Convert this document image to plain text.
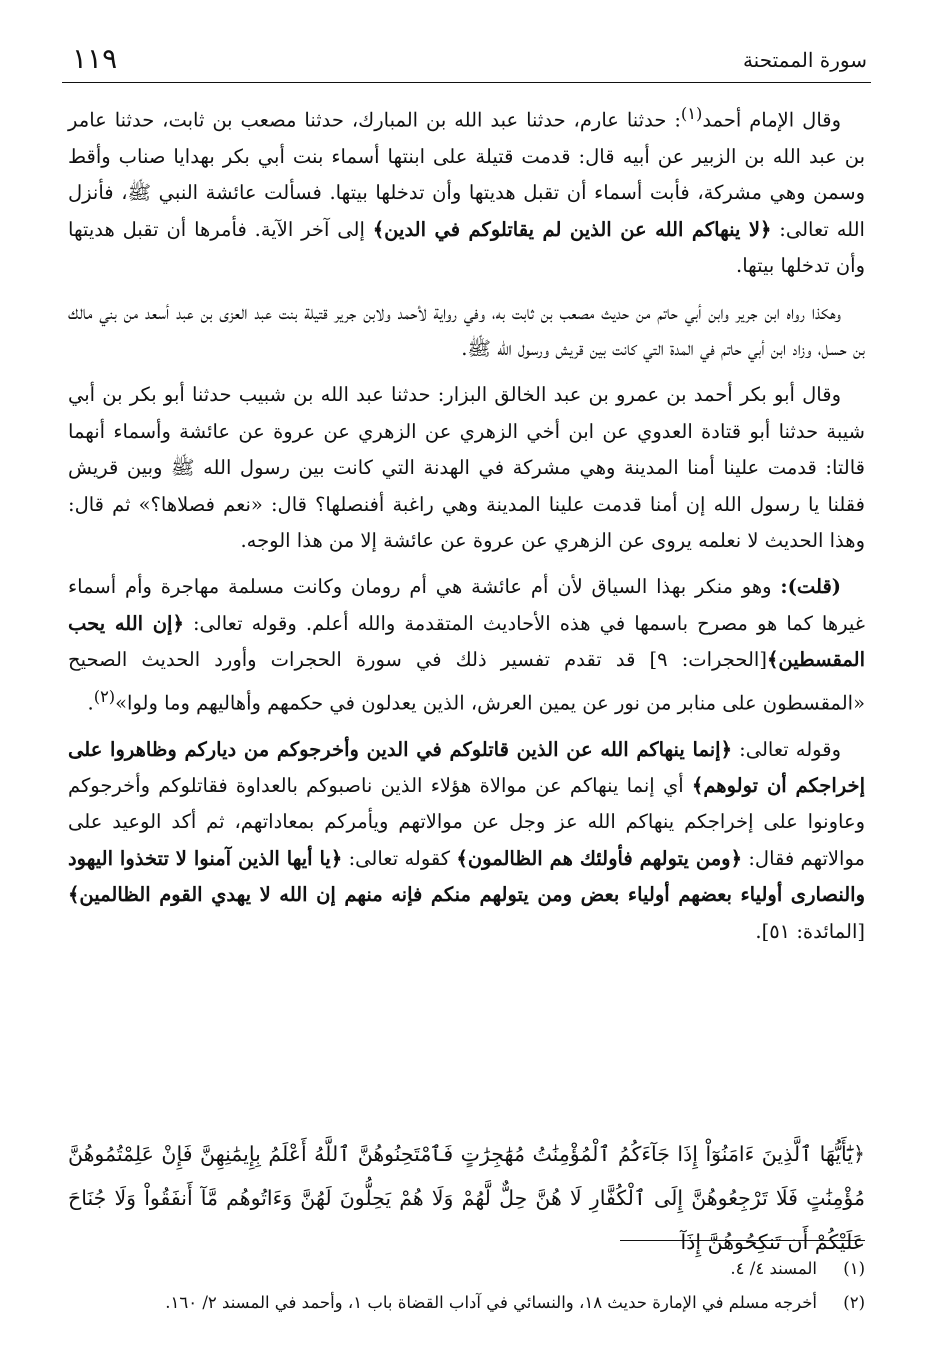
سورة الممتحنة
١١٩

وقال الإمام أحمد$^{(١)}$: حدثنا عارم، حدثنا عبد الله بن المبارك، حدثنا مصعب بن ثابت، حدثنا عامر بن عبد الله بن الزبير عن أبيه قال: قدمت قتيلة على ابنتها أسماء بنت أبي بكر بهدايا صناب وأقط وسمن وهي مشركة، فأبت أسماء أن تقبل هديتها وأن تدخلها بيتها. فسألت عائشة النبي ﷺ، فأنزل الله تعالى: ﴿لا ينهاكم الله عن الذين لم يقاتلوكم في الدين﴾ إلى آخر الآية. فأمرها أن تقبل هديتها وأن تدخلها بيتها.

وهكذا رواه ابن جرير وابن أبي حاتم من حديث مصعب بن ثابت به، وفي رواية لأحمد ولابن جرير قتيلة بنت عبد العزى بن عبد أسعد من بني مالك بن حسل، وزاد ابن أبي حاتم في المدة التي كانت بين قريش ورسول الله ﷺ.

وقال أبو بكر أحمد بن عمرو بن عبد الخالق البزار: حدثنا عبد الله بن شبيب حدثنا أبو بكر بن أبي شيبة حدثنا أبو قتادة العدوي عن ابن أخي الزهري عن الزهري عن عروة عن عائشة وأسماء أنهما قالتا: قدمت علينا أمنا المدينة وهي مشركة في الهدنة التي كانت بين رسول الله ﷺ وبين قريش فقلنا يا رسول الله إن أمنا قدمت علينا المدينة وهي راغبة أفنصلها؟ قال: «نعم فصلاها؟» ثم قال: وهذا الحديث لا نعلمه يروى عن الزهري عن عروة عن عائشة إلا من هذا الوجه.

(قلت): وهو منكر بهذا السياق لأن أم عائشة هي أم رومان وكانت مسلمة مهاجرة وأم أسماء غيرها كما هو مصرح باسمها في هذه الأحاديث المتقدمة والله أعلم. وقوله تعالى: ﴿إن الله يحب المقسطين﴾[الحجرات: ٩] قد تقدم تفسير ذلك في سورة الحجرات وأورد الحديث الصحيح «المقسطون على منابر من نور عن يمين العرش، الذين يعدلون في حكمهم وأهاليهم وما ولوا»$^{(٢)}$.

وقوله تعالى: ﴿إنما ينهاكم الله عن الذين قاتلوكم في الدين وأخرجوكم من دياركم وظاهروا على إخراجكم أن تولوهم﴾ أي إنما ينهاكم عن موالاة هؤلاء الذين ناصبوكم بالعداوة فقاتلوكم وأخرجوكم وعاونوا على إخراجكم ينهاكم الله عز وجل عن موالاتهم ويأمركم بمعاداتهم، ثم أكد الوعيد على موالاتهم فقال: ﴿ومن يتولهم فأولئك هم الظالمون﴾ كقوله تعالى: ﴿يا أيها الذين آمنوا لا تتخذوا اليهود والنصارى أولياء بعضهم أولياء بعض ومن يتولهم منكم فإنه منهم إن الله لا يهدي القوم الظالمين﴾ [المائدة: ٥١].

﴿يَٰٓأَيُّهَا ٱلَّذِينَ ءَامَنُوٓاْ إِذَا جَآءَكُمُ ٱلْمُؤْمِنَٰتُ مُهَٰجِرَٰتٍ فَٱمْتَحِنُوهُنَّ ٱللَّهُ أَعْلَمُ بِإِيمَٰنِهِنَّ فَإِنْ عَلِمْتُمُوهُنَّ مُؤْمِنَٰتٍ فَلَا تَرْجِعُوهُنَّ إِلَى ٱلْكُفَّارِ لَا هُنَّ حِلٌّ لَّهُمْ وَلَا هُمْ يَحِلُّونَ لَهُنَّ وَءَاتُوهُم مَّآ أَنفَقُواْ وَلَا جُنَاحَ عَلَيْكُمْ أَن تَنكِحُوهُنَّ إِذَآ
(١)المسند ٤/ ٤.
(٢)أخرجه مسلم في الإمارة حديث ١٨، والنسائي في آداب القضاة باب ١، وأحمد في المسند ٢/ ١٦٠.
